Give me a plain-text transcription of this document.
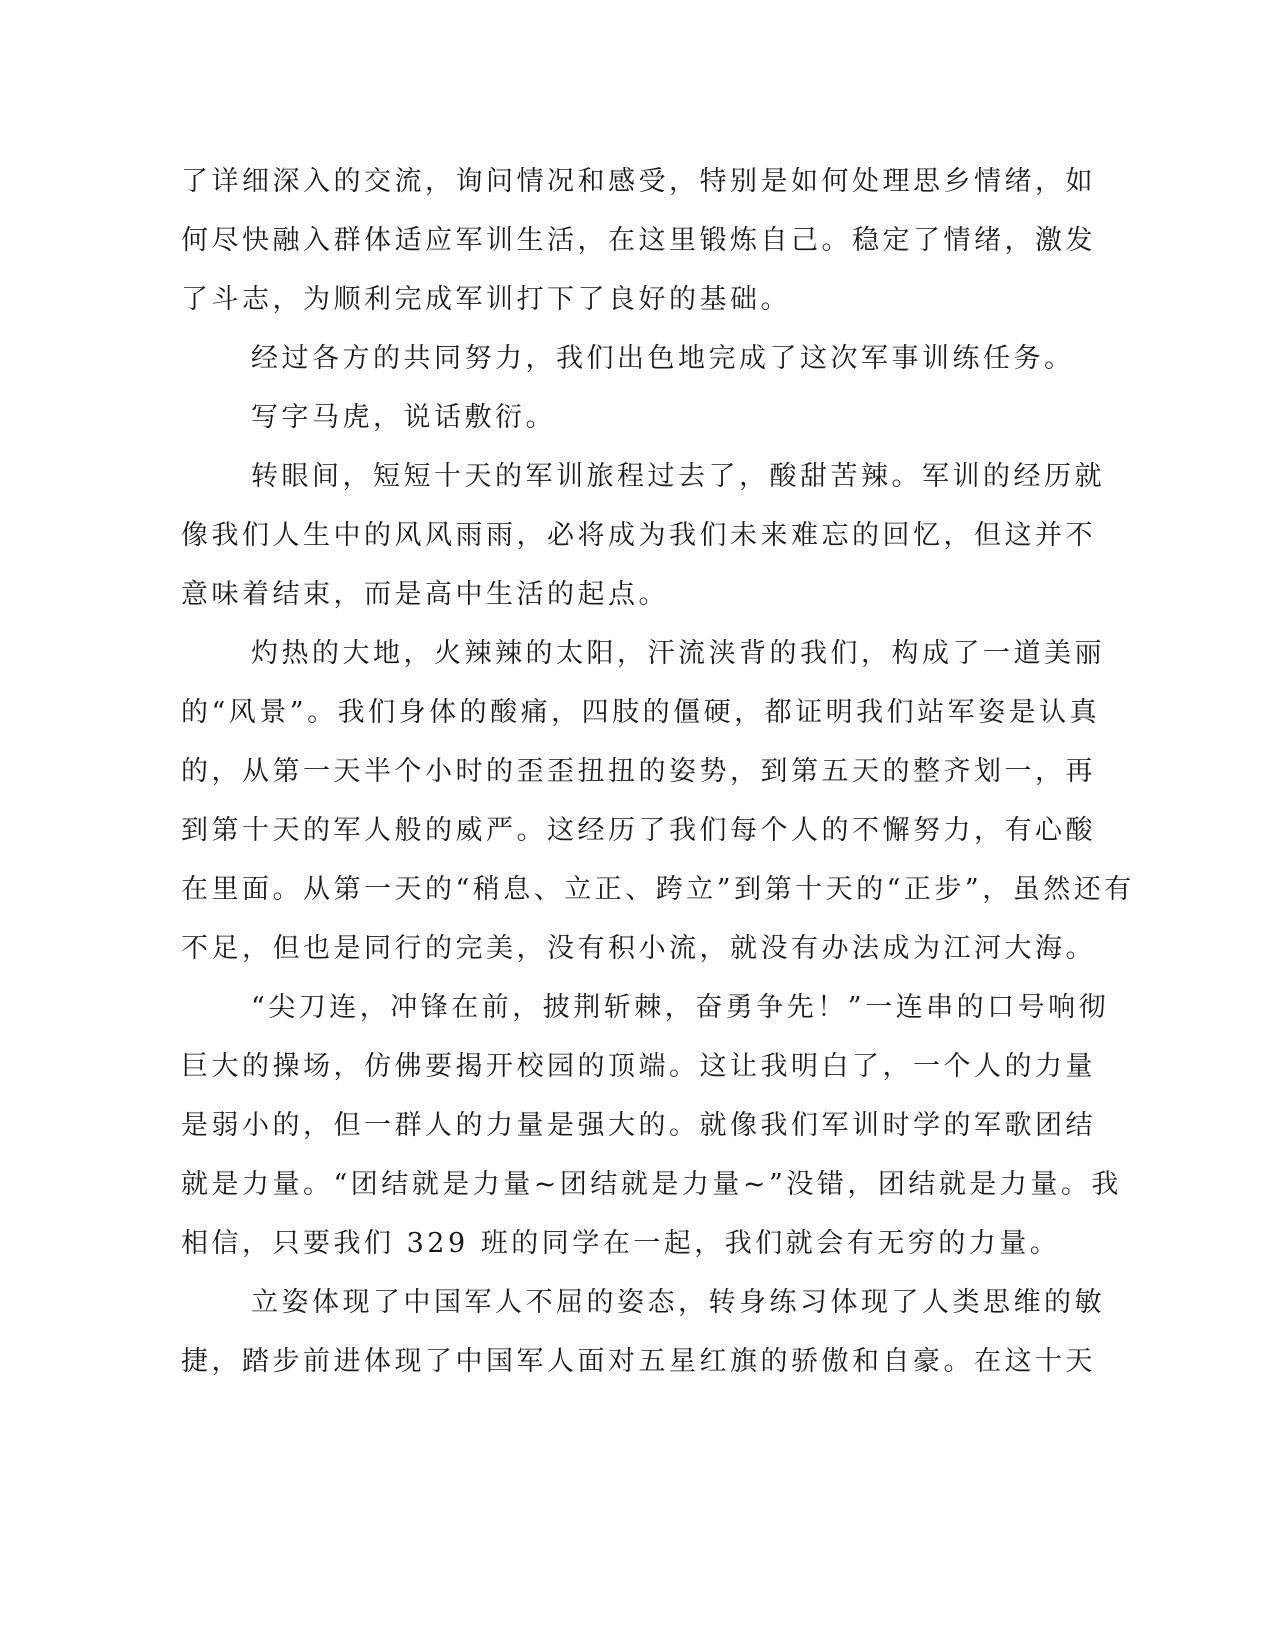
了详细深入的交流，询问情况和感受，特别是如何处理思乡情绪，如

何尽快融入群体适应军训生活，在这里锻炼自己。稳定了情绪，激发

了斗志，为顺利完成军训打下了良好的基础。

经过各方的共同努力，我们出色地完成了这次军事训练任务。

写字马虎，说话敷衍。

转眼间，短短十天的军训旅程过去了，酸甜苦辣。军训的经历就

像我们人生中的风风雨雨，必将成为我们未来难忘的回忆，但这并不

意味着结束，而是高中生活的起点。

灼热的大地，火辣辣的太阳，汗流浃背的我们，构成了一道美丽

的“风景”。我们身体的酸痛，四肢的僵硬，都证明我们站军姿是认真

的，从第一天半个小时的歪歪扭扭的姿势，到第五天的整齐划一，再

到第十天的军人般的威严。这经历了我们每个人的不懈努力，有心酸

在里面。从第一天的“稍息、立正、跨立”到第十天的“正步”，虽然还有

不足，但也是同行的完美，没有积小流，就没有办法成为江河大海。

“尖刀连，冲锋在前，披荆斩棘，奋勇争先！”一连串的口号响彻

巨大的操场，仿佛要揭开校园的顶端。这让我明白了，一个人的力量

是弱小的，但一群人的力量是强大的。就像我们军训时学的军歌团结

就是力量。“团结就是力量~团结就是力量~”没错，团结就是力量。我

相信，只要我们 329 班的同学在一起，我们就会有无穷的力量。

立姿体现了中国军人不屈的姿态，转身练习体现了人类思维的敏

捷，踏步前进体现了中国军人面对五星红旗的骄傲和自豪。在这十天
